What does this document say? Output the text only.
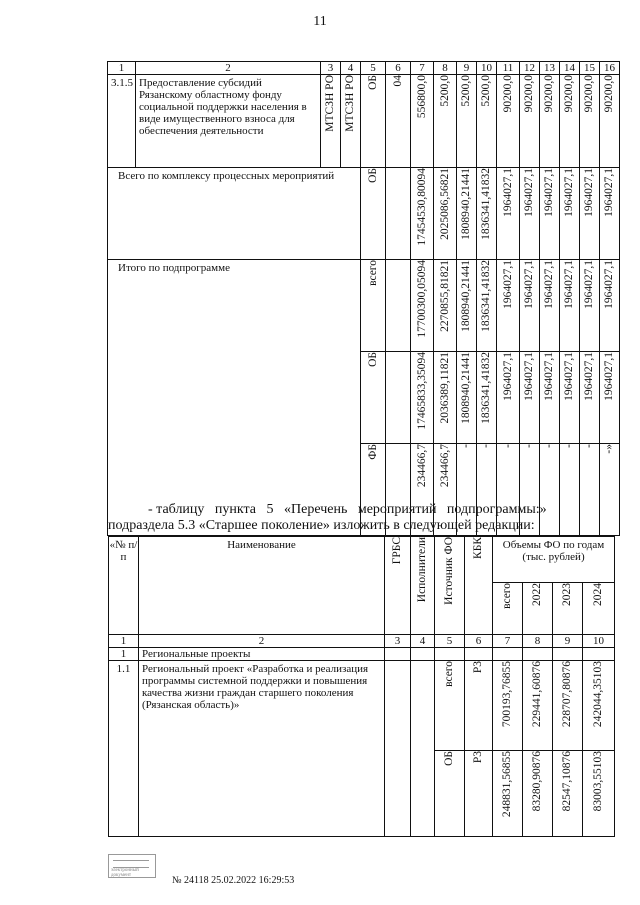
11
1	2	3	4	5	6	7	8	9	10	11	12	13	14	15	16
3.1.5	Предоставление субсидий Рязанскому областному фонду социальной поддержки населения в виде имущественного взноса для обеспечения деятельности	МТСЗН РО	МТСЗН РО	ОБ	04	556800,0	5200,0	5200,0	5200,0	90200,0	90200,0	90200,0	90200,0	90200,0	90200,0

Всего по комплексу процессных мероприятий				ОБ		17454530,80094	2025086,56821	1808940,21441	1836341,41832	1964027,1	1964027,1	1964027,1	1964027,1	1964027,1	1964027,1

Итого по подпрограмме				всего		17700300,05094	2270855,81821	1808940,21441	1836341,41832	1964027,1	1964027,1	1964027,1	1964027,1	1964027,1	1964027,1

				ОБ		17465833,35094	2036389,11821	1808940,21441	1836341,41832	1964027,1	1964027,1	1964027,1	1964027,1	1964027,1	1964027,1

				ФБ		234466,7	234466,7	-	-	-	-	-	-	-	-»
- таблицу   пункта   5   «Перечень   мероприятий   подпрограммы:»
подраздела 5.3 «Старшее поколение» изложить в следующей редакции:
«№ п/п	Наименование	ГРБС	Исполнители	Источник ФО	КБК	Объемы ФО по годам (тыс. рублей)			

						всего	2022	2023	2024

1	2	3	4	5	6	7	8	9	10
1	Региональные проекты								
1.1	Региональный проект «Разработка и реализация программы системной поддержки и повышения качества жизни граждан старшего поколения (Рязанская область)»			всего	Р3	700193,76855	229441,60876	228707,80876	242044,35103

				ОБ	Р3	248831,56855	83280,90876	82547,10876	83003,55103
электронный документ	№ 24118 25.02.2022 16:29:53
